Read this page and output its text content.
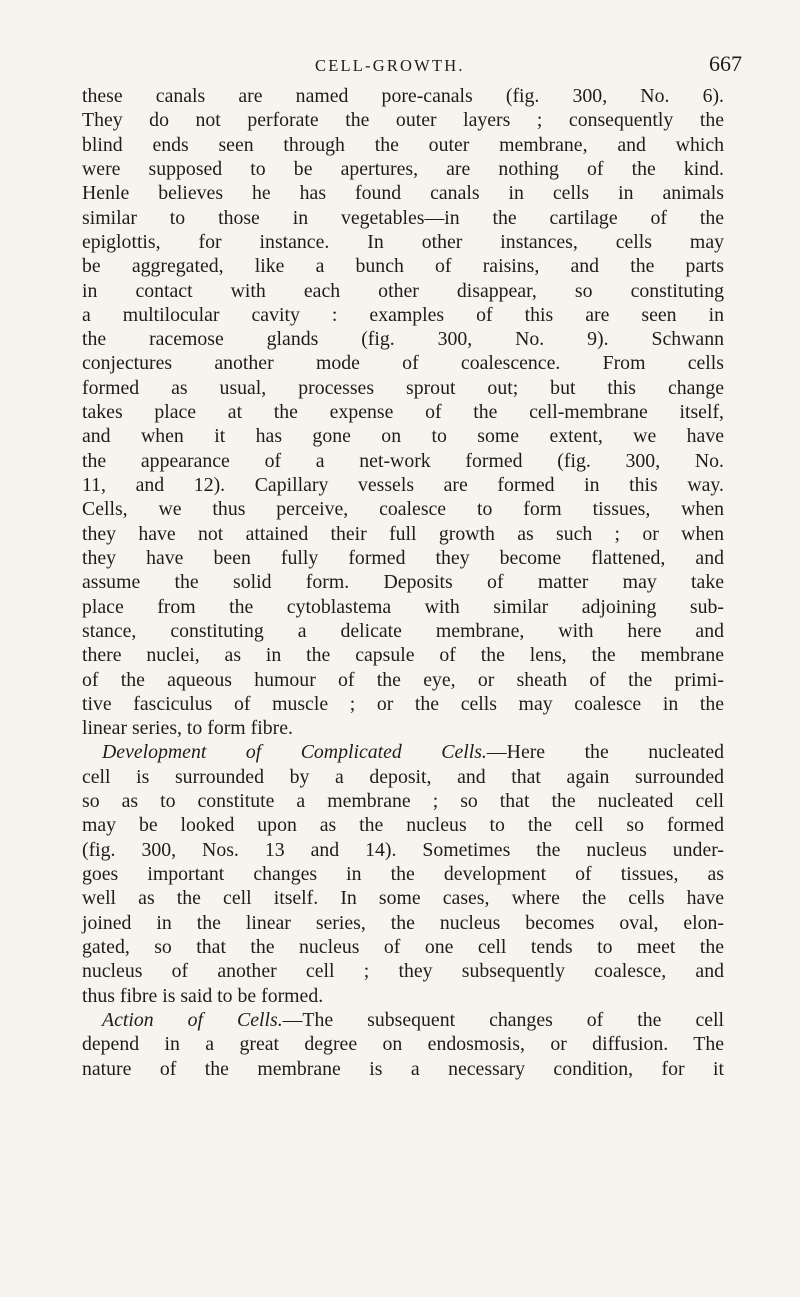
CELL-GROWTH.	667
these canals are named pore-canals (fig. 300, No. 6).
They do not perforate the outer layers ; consequently the
blind ends seen through the outer membrane, and which
were supposed to be apertures, are nothing of the kind.
Henle believes he has found canals in cells in animals
similar to those in vegetables—in the cartilage of the
epiglottis, for instance. In other instances, cells may
be aggregated, like a bunch of raisins, and the parts
in contact with each other disappear, so constituting
a multilocular cavity : examples of this are seen in
the racemose glands (fig. 300, No. 9). Schwann
conjectures another mode of coalescence. From cells
formed as usual, processes sprout out; but this change
takes place at the expense of the cell-membrane itself,
and when it has gone on to some extent, we have
the appearance of a net-work formed (fig. 300, No.
11, and 12). Capillary vessels are formed in this way.
Cells, we thus perceive, coalesce to form tissues, when
they have not attained their full growth as such ; or when
they have been fully formed they become flattened, and
assume the solid form. Deposits of matter may take
place from the cytoblastema with similar adjoining sub-
stance, constituting a delicate membrane, with here and
there nuclei, as in the capsule of the lens, the membrane
of the aqueous humour of the eye, or sheath of the primi-
tive fasciculus of muscle ; or the cells may coalesce in the
linear series, to form fibre.
Development of Complicated Cells.—Here the nucleated
cell is surrounded by a deposit, and that again surrounded
so as to constitute a membrane ; so that the nucleated cell
may be looked upon as the nucleus to the cell so formed
(fig. 300, Nos. 13 and 14). Sometimes the nucleus under-
goes important changes in the development of tissues, as
well as the cell itself. In some cases, where the cells have
joined in the linear series, the nucleus becomes oval, elon-
gated, so that the nucleus of one cell tends to meet the
nucleus of another cell ; they subsequently coalesce, and
thus fibre is said to be formed.
Action of Cells.—The subsequent changes of the cell
depend in a great degree on endosmosis, or diffusion. The
nature of the membrane is a necessary condition, for it
